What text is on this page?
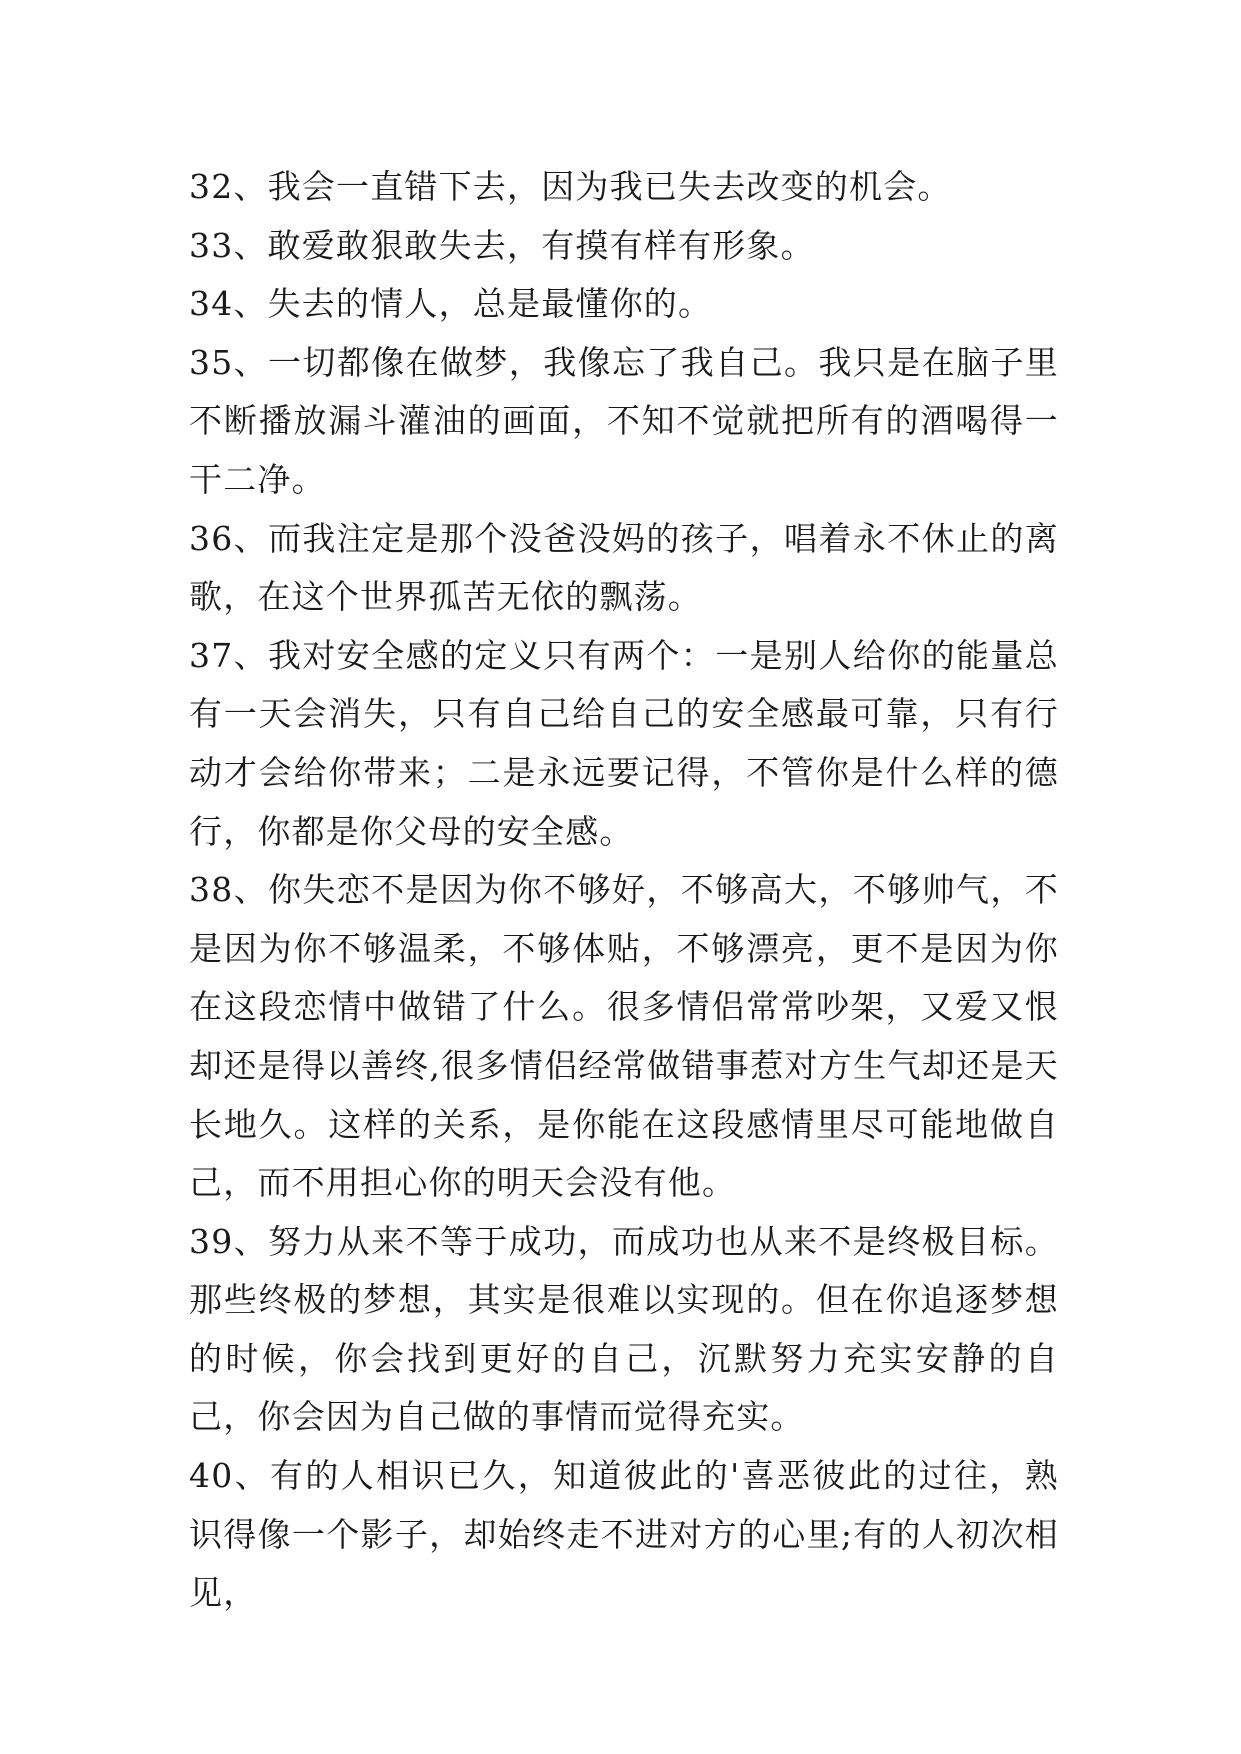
32、我会一直错下去，因为我已失去改变的机会。

33、敢爱敢狠敢失去，有摸有样有形象。

34、失去的情人，总是最懂你的。

35、一切都像在做梦，我像忘了我自己。我只是在脑子里不断播放漏斗灌油的画面，不知不觉就把所有的酒喝得一干二净。

36、而我注定是那个没爸没妈的孩子，唱着永不休止的离歌，在这个世界孤苦无依的飘荡。

37、我对安全感的定义只有两个：一是别人给你的能量总有一天会消失，只有自己给自己的安全感最可靠，只有行动才会给你带来；二是永远要记得，不管你是什么样的德行，你都是你父母的安全感。

38、你失恋不是因为你不够好，不够高大，不够帅气，不是因为你不够温柔，不够体贴，不够漂亮，更不是因为你在这段恋情中做错了什么。很多情侣常常吵架，又爱又恨却还是得以善终,很多情侣经常做错事惹对方生气却还是天长地久。这样的关系，是你能在这段感情里尽可能地做自己，而不用担心你的明天会没有他。

39、努力从来不等于成功，而成功也从来不是终极目标。那些终极的梦想，其实是很难以实现的。但在你追逐梦想的时候，你会找到更好的自己，沉默努力充实安静的自己，你会因为自己做的事情而觉得充实。

40、有的人相识已久，知道彼此的'喜恶彼此的过往，熟识得像一个影子，却始终走不进对方的心里;有的人初次相见，
